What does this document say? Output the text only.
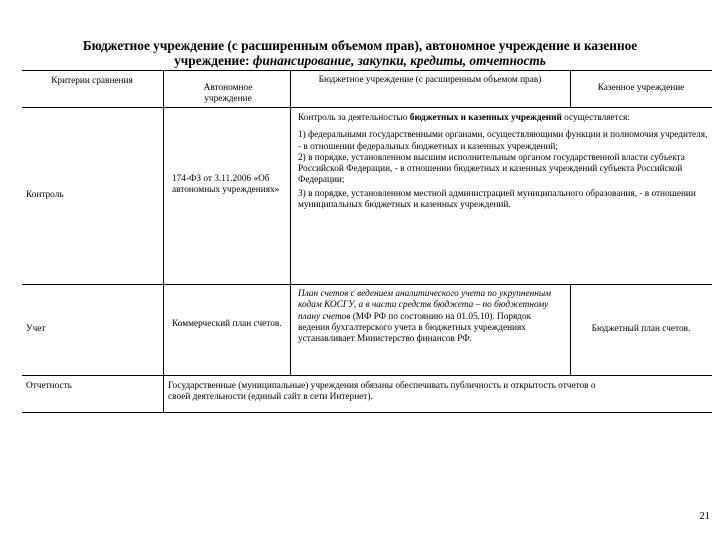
Бюджетное учреждение (с расширенным объемом прав), автономное учреждение и казенное
учреждение: финансирование, закупки, кредиты, отчетность
Критерии сравнения
Автономное учреждение
Бюджетное учреждение (с расширенным объемом прав)
Казенное учреждение
Контроль
174-ФЗ от 3.11.2006 «Об автономных учреждениях»

Контроль за деятельностью бюджетных и казенных учреждений осуществляется:

1) федеральными государственными органами, осуществляющими функции и полномочия учредителя, - в отношении федеральных бюджетных и казенных учреждений;

2) в порядке, установленном высшим исполнительным органом государственной власти субъекта Российской Федерации, - в отношении бюджетных и казенных учреждений субъекта Российской Федерации;

3) в порядке, установленном местной администрацией муниципального образования, - в отношении муниципальных бюджетных и казенных учреждений.

Учет	Коммерческий план счетов.
План счетов с ведением аналитического учета по укрупненным кодам КОСГУ, а в части средств бюджета – по бюджетному плану счетов (МФ РФ по состоянию на 01.05.10). Порядок ведения бухгалтерского учета в бюджетных учреждениях устанавливает Министерство финансов РФ.
Бюджетный план счетов.
Отчетность	Государственные (муниципальные) учреждения обязаны обеспечивать публичность и открытость отчетов о своей деятельности (единый сайт в сети Интернет).
21
